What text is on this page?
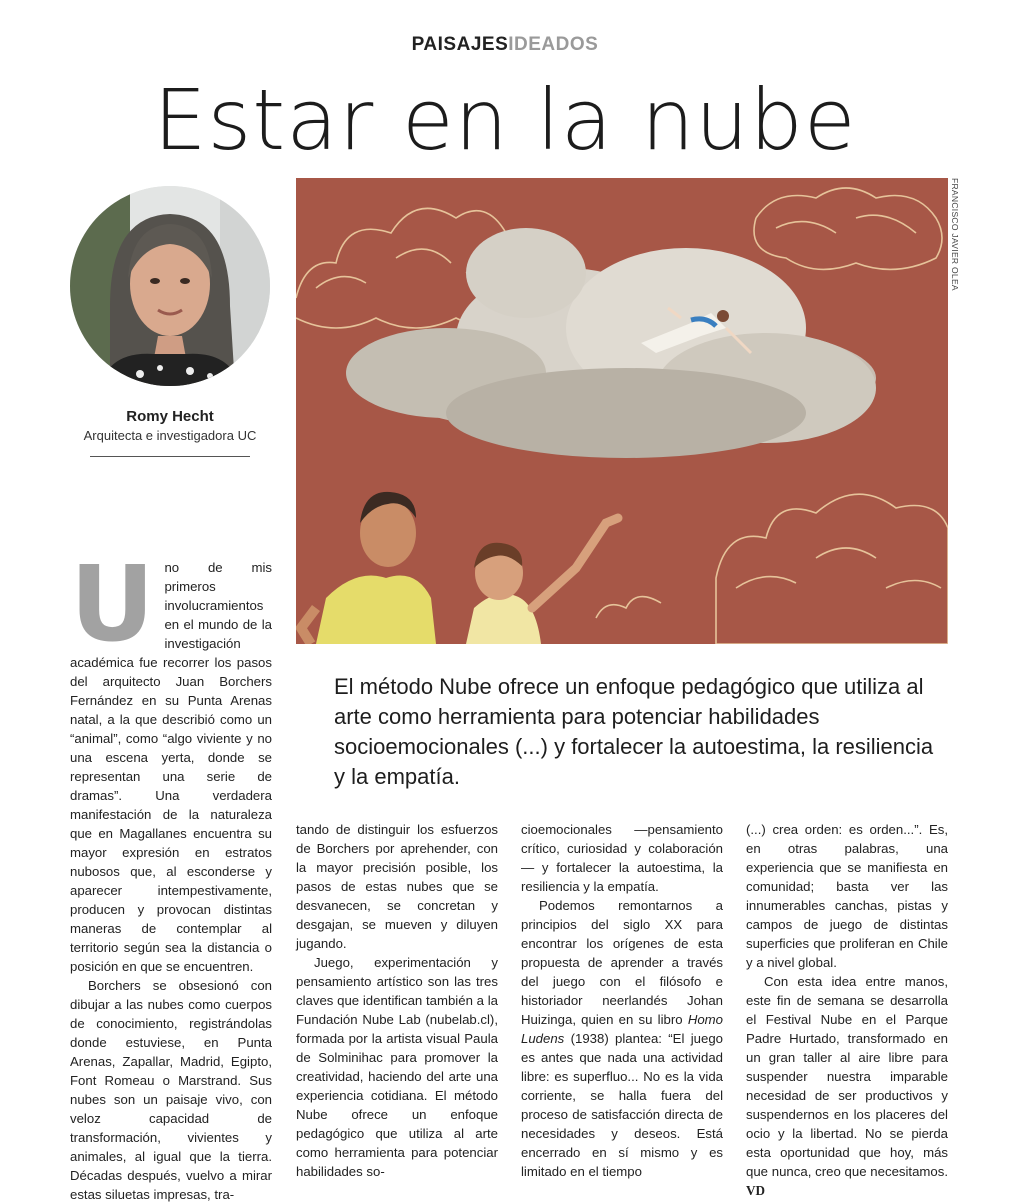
PAISAJESIDEADOS
Estar en la nube
Romy Hecht
Arquitecta e investigadora UC
FRANCISCO JAVIER OLEA
El método Nube ofrece un enfoque pedagógico que utiliza al arte como herramienta para potenciar habilidades socioemocionales (...) y fortalecer la autoestima, la resiliencia y la empatía.
U no de mis primeros involucramientos en el mundo de la investigación académica fue recorrer los pasos del arquitecto Juan Borchers Fernández en su Punta Arenas natal, a la que describió como un “animal”, como “algo viviente y no una escena yerta, donde se representan una serie de dramas”. Una verdadera manifestación de la naturaleza que en Magallanes encuentra su mayor expresión en estratos nubosos que, al esconderse y aparecer intempestivamente, producen y provocan distintas maneras de contemplar al territorio según sea la distancia o posición en que se encuentren.

Borchers se obsesionó con dibujar a las nubes como cuerpos de conocimiento, registrándolas donde estuviese, en Punta Arenas, Zapallar, Madrid, Egipto, Font Romeau o Marstrand. Sus nubes son un paisaje vivo, con veloz capacidad de transformación, vivientes y animales, al igual que la tierra. Décadas después, vuelvo a mirar estas siluetas impresas, tra-

tando de distinguir los esfuerzos de Borchers por aprehender, con la mayor precisión posible, los pasos de estas nubes que se desvanecen, se concretan y desgajan, se mueven y diluyen jugando.

Juego, experimentación y pensamiento artístico son las tres claves que identifican también a la Fundación Nube Lab (nubelab.cl), formada por la artista visual Paula de Solminihac para promover la creatividad, haciendo del arte una experiencia cotidiana. El método Nube ofrece un enfoque pedagógico que utiliza al arte como herramienta para potenciar habilidades so-

cioemocionales —pensamiento crítico, curiosidad y colaboración— y fortalecer la autoestima, la resiliencia y la empatía.

Podemos remontarnos a principios del siglo XX para encontrar los orígenes de esta propuesta de aprender a través del juego con el filósofo e historiador neerlandés Johan Huizinga, quien en su libro Homo Ludens (1938) plantea: “El juego es antes que nada una actividad libre: es superfluo... No es la vida corriente, se halla fuera del proceso de satisfacción directa de necesidades y deseos. Está encerrado en sí mismo y es limitado en el tiempo

(...) crea orden: es orden...”. Es, en otras palabras, una experiencia que se manifiesta en comunidad; basta ver las innumerables canchas, pistas y campos de juego de distintas superficies que proliferan en Chile y a nivel global.

Con esta idea entre manos, este fin de semana se desarrolla el Festival Nube en el Parque Padre Hurtado, transformado en un gran taller al aire libre para suspender nuestra imparable necesidad de ser productivos y suspendernos en los placeres del ocio y la libertad. No se pierda esta oportunidad que hoy, más que nunca, creo que necesitamos. VD
